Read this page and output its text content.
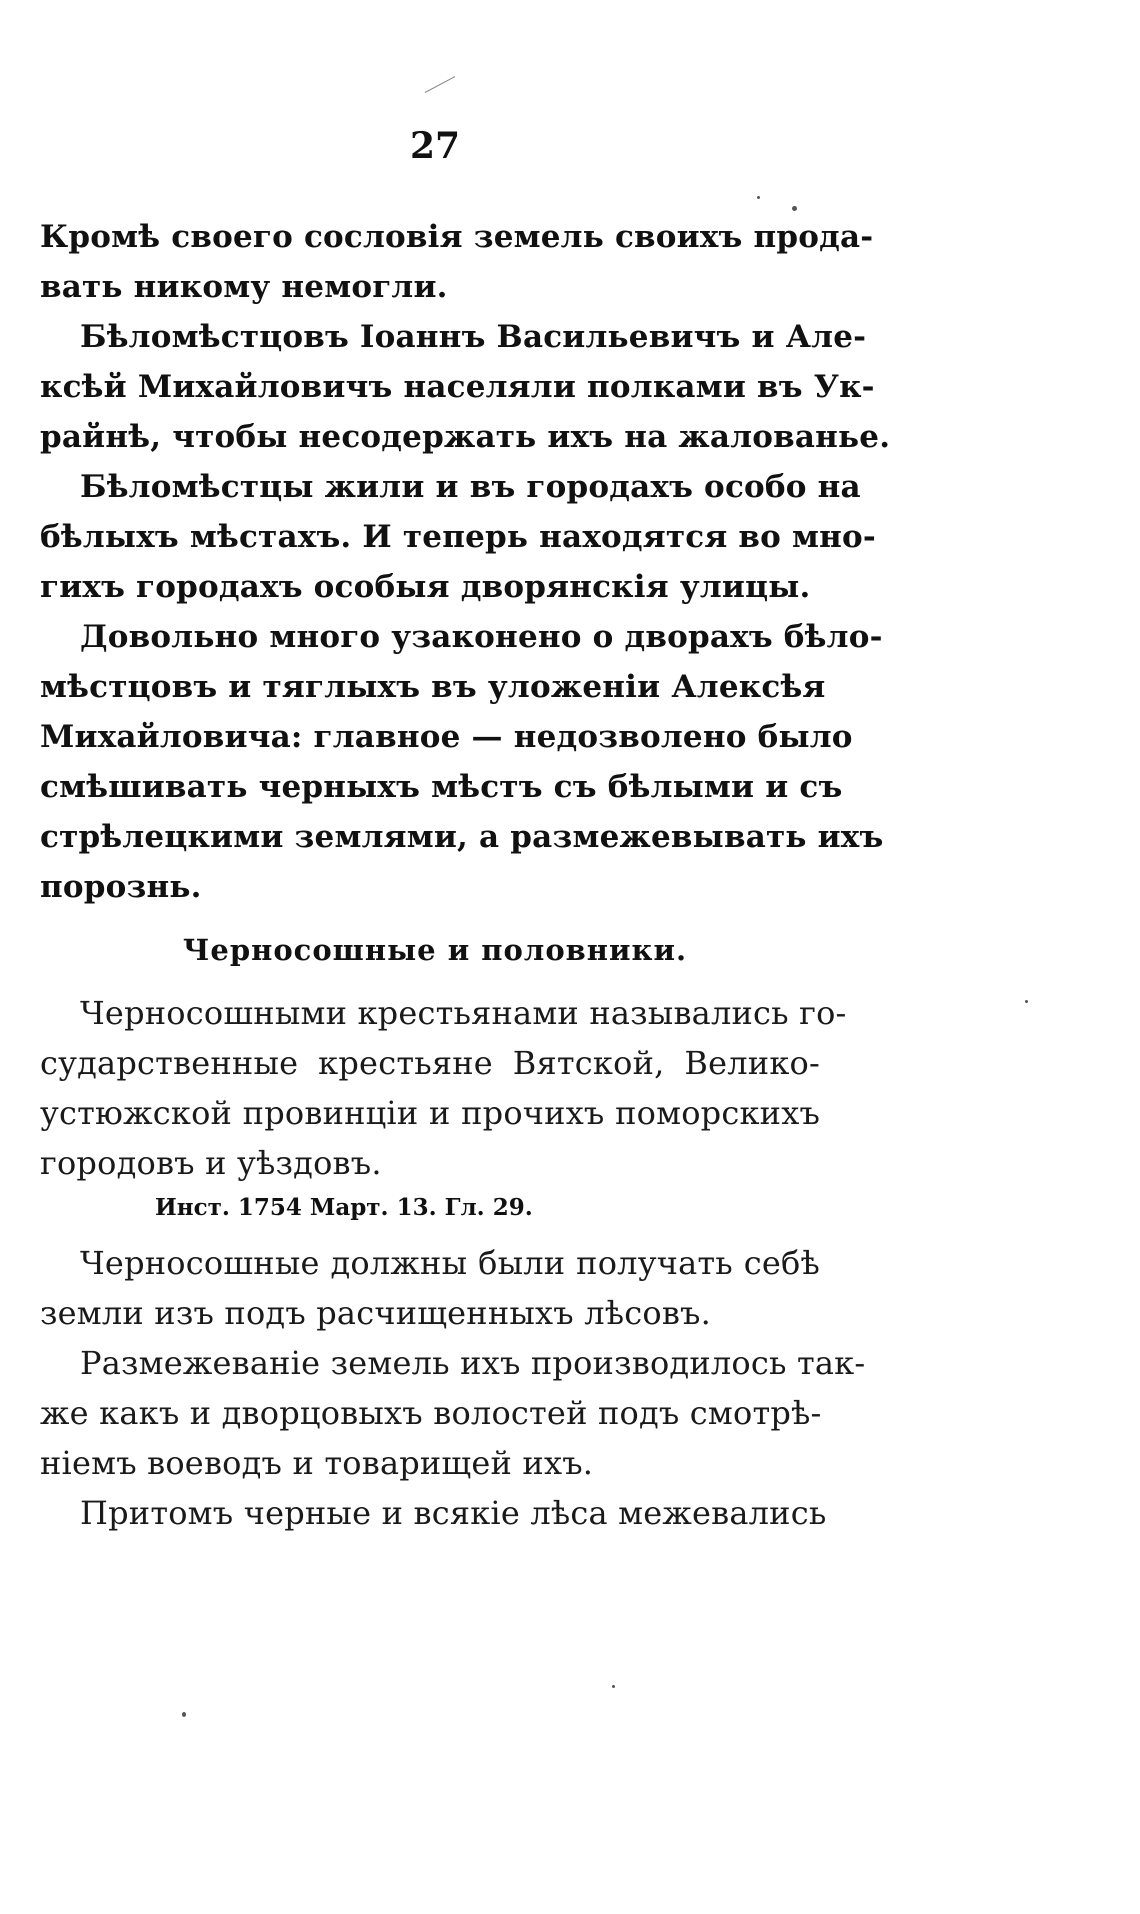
27
Кромѣ своего сословія земель своихъ прода-
вать никому немогли.
Бѣломѣстцовъ Іоаннъ Васильевичъ и Але-
ксѣй Михайловичъ населяли полками въ Ук-
райнѣ, чтобы несодержать ихъ на жалованье.
Бѣломѣстцы жили и въ городахъ особо на
бѣлыхъ мѣстахъ. И теперь находятся во мно-
гихъ городахъ особыя дворянскія улицы.
Довольно много узаконено о дворахъ бѣло-
мѣстцовъ и тяглыхъ въ уложеніи Алексѣя
Михайловича: главное — недозволено было
смѣшивать черныхъ мѣстъ съ бѣлыми и съ
стрѣлецкими землями, а размежевывать ихъ
порознь.
Черносошные и половники.
Черносошными крестьянами назывались го-
сударственные крестьяне Вятской, Велико-
устюжской провинціи и прочихъ поморскихъ
городовъ и уѣздовъ.
Инст. 1754 Март. 13. Гл. 29.
Черносошные должны были получать себѣ
земли изъ подъ расчищенныхъ лѣсовъ.
Размежеваніе земель ихъ производилось так-
же какъ и дворцовыхъ волостей подъ смотрѣ-
ніемъ воеводъ и товарищей ихъ.
Притомъ черные и всякіе лѣса межевались
